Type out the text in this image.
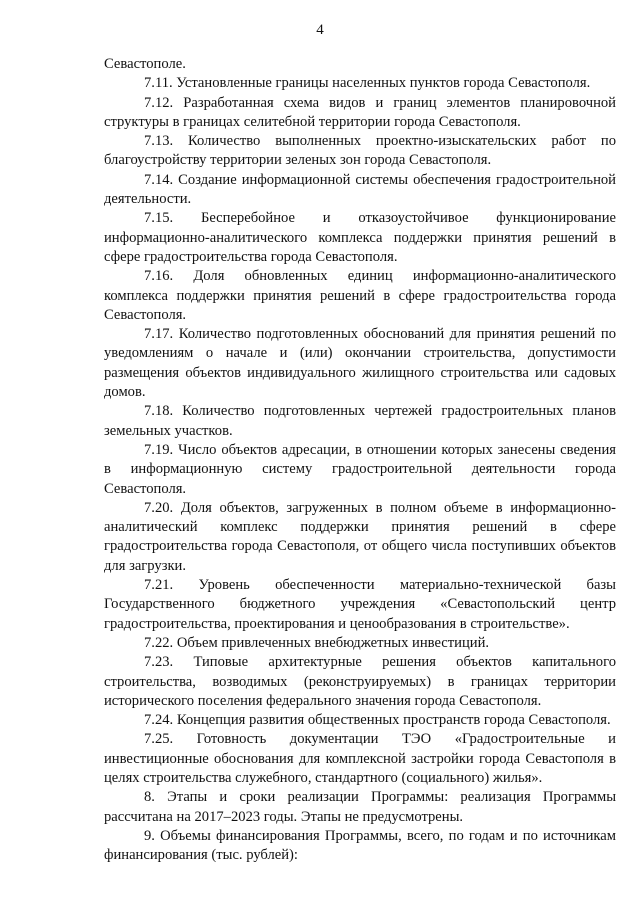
4

Севастополе.

7.11. Установленные границы населенных пунктов города Севастополя.

7.12. Разработанная схема видов и границ элементов планировочной структуры в границах селитебной территории города Севастополя.

7.13. Количество выполненных проектно-изыскательских работ по благоустройству территории зеленых зон города Севастополя.

7.14. Создание информационной системы обеспечения градостроительной деятельности.

7.15. Бесперебойное и отказоустойчивое функционирование информационно-аналитического комплекса поддержки принятия решений в сфере градостроительства города Севастополя.

7.16. Доля обновленных единиц информационно-аналитического комплекса поддержки принятия решений в сфере градостроительства города Севастополя.

7.17. Количество подготовленных обоснований для принятия решений по уведомлениям о начале и (или) окончании строительства, допустимости размещения объектов индивидуального жилищного строительства или садовых домов.

7.18. Количество подготовленных чертежей градостроительных планов земельных участков.

7.19. Число объектов адресации, в отношении которых занесены сведения в информационную систему градостроительной деятельности города Севастополя.

7.20. Доля объектов, загруженных в полном объеме в информационно-аналитический комплекс поддержки принятия решений в сфере градостроительства города Севастополя, от общего числа поступивших объектов для загрузки.

7.21. Уровень обеспеченности материально-технической базы Государственного бюджетного учреждения «Севастопольский центр градостроительства, проектирования и ценообразования в строительстве».

7.22. Объем привлеченных внебюджетных инвестиций.

7.23. Типовые архитектурные решения объектов капитального строительства, возводимых (реконструируемых) в границах территории исторического поселения федерального значения города Севастополя.

7.24. Концепция развития общественных пространств города Севастополя.

7.25. Готовность документации ТЭО «Градостроительные и инвестиционные обоснования для комплексной застройки города Севастополя в целях строительства служебного, стандартного (социального) жилья».

8. Этапы и сроки реализации Программы: реализация Программы рассчитана на 2017–2023 годы. Этапы не предусмотрены.

9. Объемы финансирования Программы, всего, по годам и по источникам финансирования (тыс. рублей):
